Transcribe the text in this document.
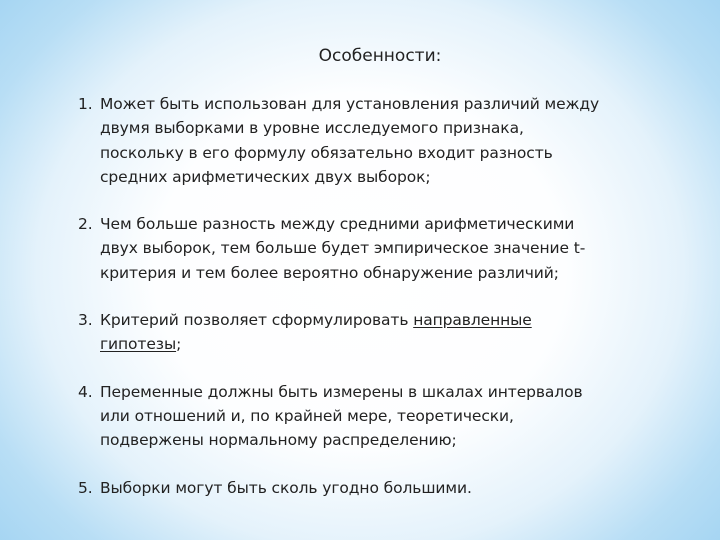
Особенности:
1. Может быть использован для установления различий между
двумя выборками в уровне исследуемого признака,
поскольку в его формулу обязательно входит разность
средних арифметических двух выборок;
2. Чем больше разность между средними арифметическими
двух выборок, тем больше будет эмпирическое значение t-
критерия и тем более вероятно обнаружение различий;
3. Критерий позволяет сформулировать направленные
гипотезы;
4. Переменные должны быть измерены в шкалах интервалов
или отношений и, по крайней мере, теоретически,
подвержены нормальному распределению;
5. Выборки могут быть сколь угодно большими.
